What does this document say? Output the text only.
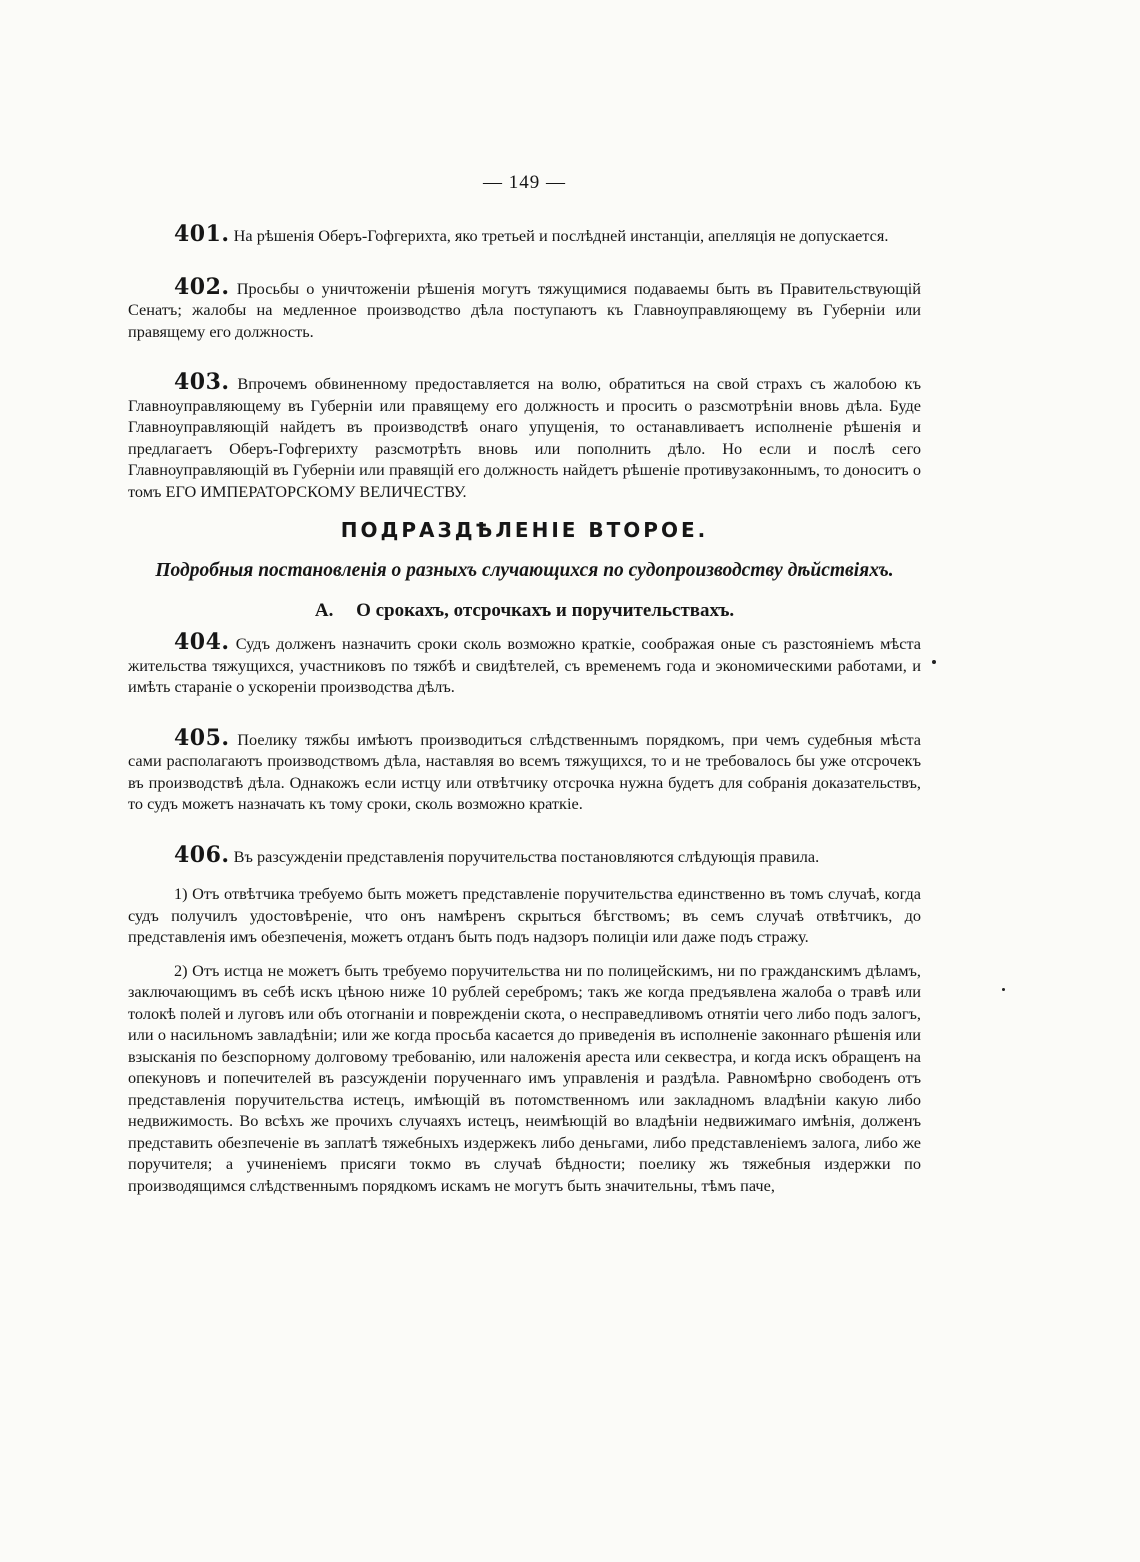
— 149 —

401. На рѣшенія Оберъ-Гофгерихта, яко третьей и послѣдней инстанціи, апелляція не допускается.

402. Просьбы о уничтоженіи рѣшенія могутъ тяжущимися подаваемы быть въ Правительствующій Сенатъ; жалобы на медленное производство дѣла поступаютъ къ Главноуправляющему въ Губерніи или правящему его должность.

403. Впрочемъ обвиненному предоставляется на волю, обратиться на свой страхъ съ жалобою къ Главноуправляющему въ Губерніи или правящему его должность и просить о разсмотрѣніи вновь дѣла. Буде Главноуправляющій найдетъ въ производствѣ онаго упущенія, то останавливаетъ исполненіе рѣшенія и предлагаетъ Оберъ-Гофгерихту разсмотрѣть вновь или пополнить дѣло. Но если и послѣ сего Главноуправляющій въ Губерніи или правящій его должность найдетъ рѣшеніе противузаконнымъ, то доноситъ о томъ ЕГО ИМПЕРАТОРСКОМУ ВЕЛИЧЕСТВУ.

ПОДРАЗДѢЛЕНІЕ ВТОРОЕ.
Подробныя постановленія о разныхъ случающихся по судопроизводству дѣйствіяхъ.
А. О срокахъ, отсрочкахъ и поручительствахъ.

404. Судъ долженъ назначить сроки сколь возможно краткіе, соображая оные съ разстояніемъ мѣста жительства тяжущихся, участниковъ по тяжбѣ и свидѣтелей, съ временемъ года и экономическими работами, и имѣть стараніе о ускореніи производства дѣлъ.

405. Поелику тяжбы имѣютъ производиться слѣдственнымъ порядкомъ, при чемъ судебныя мѣста сами располагаютъ производствомъ дѣла, наставляя во всемъ тяжущихся, то и не требовалось бы уже отсрочекъ въ производствѣ дѣла. Однакожъ если истцу или отвѣтчику отсрочка нужна будетъ для собранія доказательствъ, то судъ можетъ назначать къ тому сроки, сколь возможно краткіе.

406. Въ разсужденіи представленія поручительства постановляются слѣдующія правила.

1) Отъ отвѣтчика требуемо быть можетъ представленіе поручительства единственно въ томъ случаѣ, когда судъ получилъ удостовѣреніе, что онъ намѣренъ скрыться бѣгствомъ; въ семъ случаѣ отвѣтчикъ, до представленія имъ обезпеченія, можетъ отданъ быть подъ надзоръ полиціи или даже подъ стражу.

2) Отъ истца не можетъ быть требуемо поручительства ни по полицейскимъ, ни по гражданскимъ дѣламъ, заключающимъ въ себѣ искъ цѣною ниже 10 рублей серебромъ; такъ же когда предъявлена жалоба о травѣ или толокѣ полей и луговъ или объ отогнаніи и поврежденіи скота, о несправедливомъ отнятіи чего либо подъ залогъ, или о насильномъ завладѣніи; или же когда просьба касается до приведенія въ исполненіе законнаго рѣшенія или взысканія по безспорному долговому требованію, или наложенія ареста или секвестра, и когда искъ обращенъ на опекуновъ и попечителей въ разсужденіи порученнаго имъ управленія и раздѣла. Равномѣрно свободенъ отъ представленія поручительства истецъ, имѣющій въ потомственномъ или закладномъ владѣніи какую либо недвижимость. Во всѣхъ же прочихъ случаяхъ истецъ, неимѣющій во владѣніи недвижимаго имѣнія, долженъ представить обезпеченіе въ заплатѣ тяжебныхъ издержекъ либо деньгами, либо представленіемъ залога, либо же поручителя; а учиненіемъ присяги токмо въ случаѣ бѣдности; поелику жъ тяжебныя издержки по производящимся слѣдственнымъ порядкомъ искамъ не могутъ быть значительны, тѣмъ паче,
